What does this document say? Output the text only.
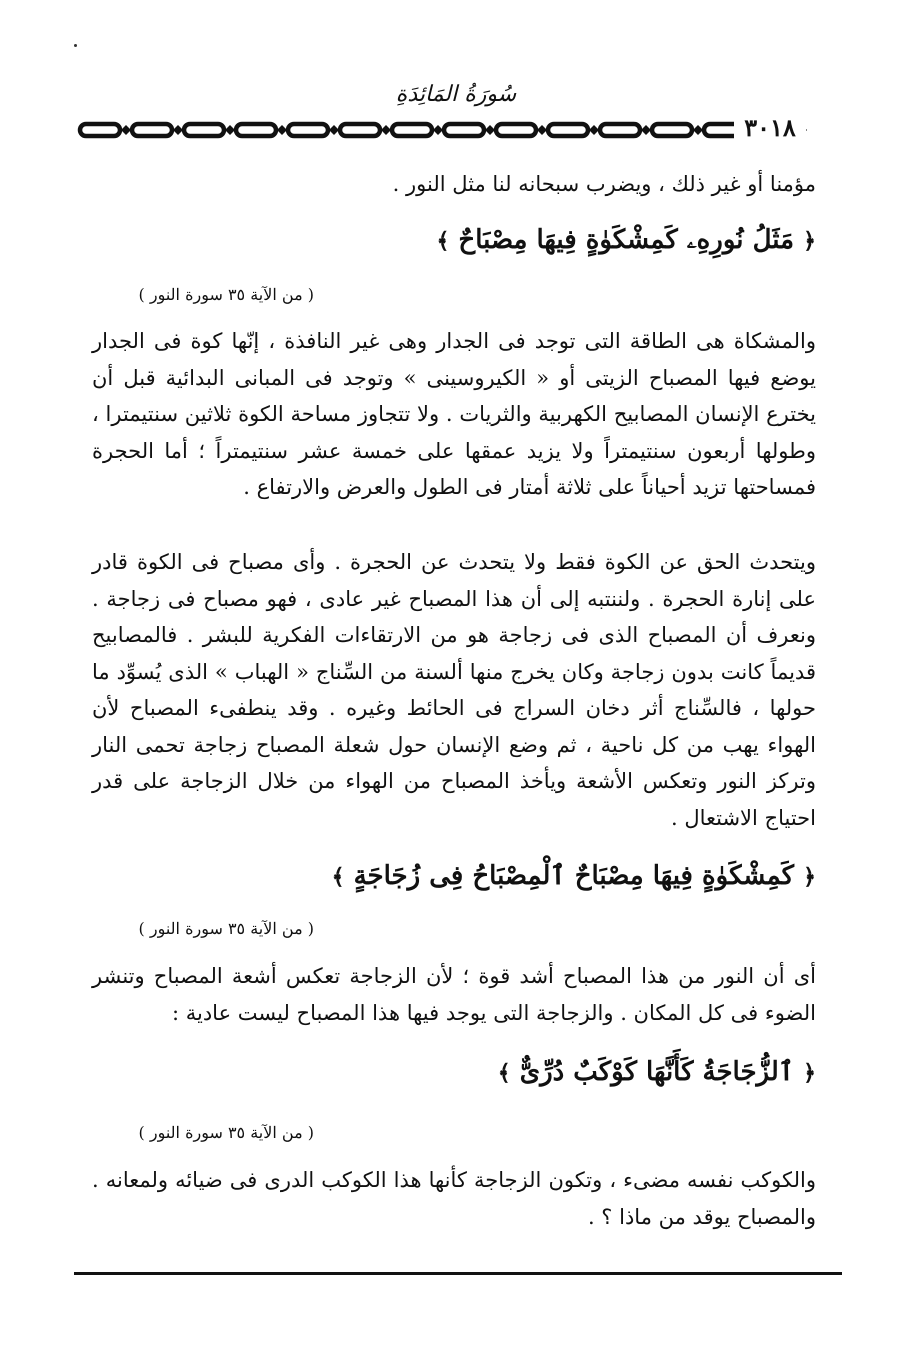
سُورَةُ المَائِدَةِ
٣٠١٨
مؤمنا أو غير ذلك ، ويضرب سبحانه لنا مثل النور .
﴿ مَثَلُ نُورِهِۦ كَمِشْكَوٰةٍ فِيهَا مِصْبَاحٌ ﴾
( من الآية ٣٥ سورة النور )
والمشكاة هى الطاقة التى توجد فى الجدار وهى غير النافذة ، إنّها كوة فى الجدار يوضع فيها المصباح الزيتى أو « الكيروسينى » وتوجد فى المبانى البدائية قبل أن يخترع الإنسان المصابيح الكهربية والثريات . ولا تتجاوز مساحة الكوة ثلاثين سنتيمترا ، وطولها أربعون سنتيمتراً ولا يزيد عمقها على خمسة عشر سنتيمتراً ؛ أما الحجرة فمساحتها تزيد أحياناً على ثلاثة أمتار فى الطول والعرض والارتفاع .
ويتحدث الحق عن الكوة فقط ولا يتحدث عن الحجرة . وأى مصباح فى الكوة قادر على إنارة الحجرة . ولننتبه إلى أن هذا المصباح غير عادى ، فهو مصباح فى زجاجة . ونعرف أن المصباح الذى فى زجاجة هو من الارتقاءات الفكرية للبشر . فالمصابيح قديماً كانت بدون زجاجة وكان يخرج منها ألسنة من السِّناج « الهباب » الذى يُسوِّد ما حولها ، فالسِّناج أثر دخان السراج فى الحائط وغيره . وقد ينطفىء المصباح لأن الهواء يهب من كل ناحية ، ثم وضع الإنسان حول شعلة المصباح زجاجة تحمى النار وتركز النور وتعكس الأشعة ويأخذ المصباح من الهواء من خلال الزجاجة على قدر احتياج الاشتعال .
﴿ كَمِشْكَوٰةٍ فِيهَا مِصْبَاحٌ ٱلْمِصْبَاحُ فِى زُجَاجَةٍ ﴾
( من الآية ٣٥ سورة النور )
أى أن النور من هذا المصباح أشد قوة ؛ لأن الزجاجة تعكس أشعة المصباح وتنشر الضوء فى كل المكان . والزجاجة التى يوجد فيها هذا المصباح ليست عادية :
﴿ ٱلزُّجَاجَةُ كَأَنَّهَا كَوْكَبٌ دُرِّىٌّ ﴾
( من الآية ٣٥ سورة النور )
والكوكب نفسه مضىء ، وتكون الزجاجة كأنها هذا الكوكب الدرى فى ضيائه ولمعانه . والمصباح يوقد من ماذا ؟ .
